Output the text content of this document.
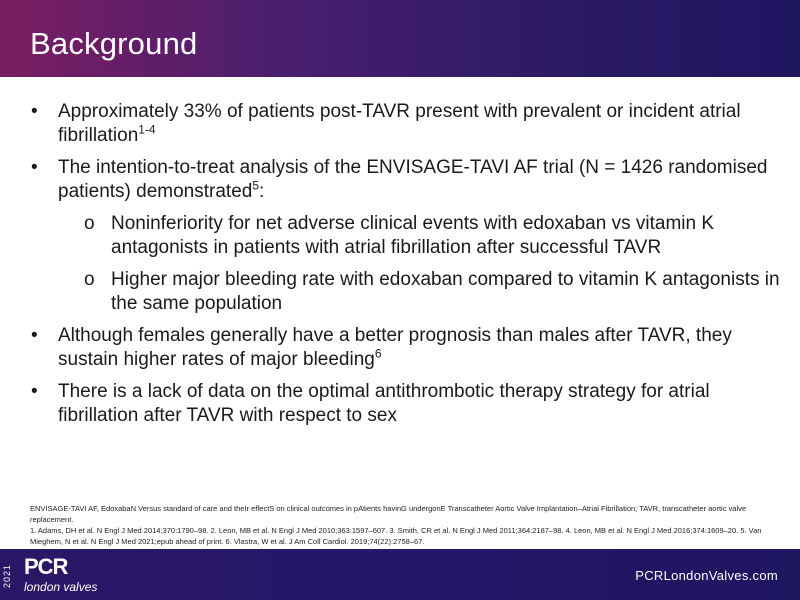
Background
• Approximately 33% of patients post-TAVR present with prevalent or incident atrial fibrillation$^{1-4}$
• The intention-to-treat analysis of the ENVISAGE-TAVI AF trial (N = 1426 randomised patients) demonstrated$^5$:
o Noninferiority for net adverse clinical events with edoxaban vs vitamin K antagonists in patients with atrial fibrillation after successful TAVR
o Higher major bleeding rate with edoxaban compared to vitamin K antagonists in the same population
• Although females generally have a better prognosis than males after TAVR, they sustain higher rates of major bleeding$^6$
• There is a lack of data on the optimal antithrombotic therapy strategy for atrial fibrillation after TAVR with respect to sex

ENVISAGE-TAVI AF, EdoxabaN Versus standard of care and theIr effectS on clinical outcomes in pAtients havinG undergonE Transcatheter Aortic Valve Implantation–Atrial Fibrillation; TAVR, transcatheter aortic valve replacement.

1. Adams, DH et al. N Engl J Med 2014;370:1790–98. 2. Leon, MB et al. N Engl J Med 2010;363:1597–607. 3. Smith, CR et al. N Engl J Med 2011;364:2187–98. 4. Leon, MB et al. N Engl J Med 2016;374:1609–20. 5. Van Mieghem, N et al. N Engl J Med 2021;epub ahead of print. 6. Vlastra, W et al. J Am Coll Cardiol. 2019;74(22):2758–67.

2021 PCR
london valves
PCRLondonValves.com
